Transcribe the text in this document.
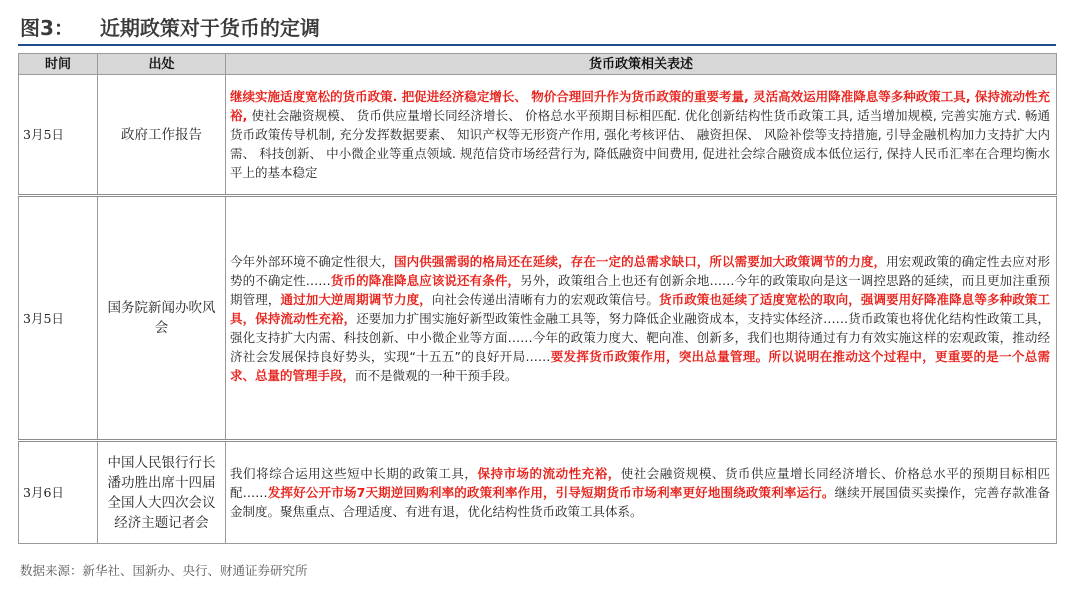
图3： 近期政策对于货币的定调
时间	出处	货币政策相关表述
3月5日	政府工作报告	继续实施适度宽松的货币政策. 把促进经济稳定增长、 物价合理回升作为货币政策的重要考量, 灵活高效运用降准降息等多种政策工具, 保持流动性充裕, 使社会融资规模、 货币供应量增长同经济增长、 价格总水平预期目标相匹配. 优化创新结构性货币政策工具, 适当增加规模, 完善实施方式. 畅通货币政策传导机制, 充分发挥数据要素、 知识产权等无形资产作用, 强化考核评估、 融资担保、 风险补偿等支持措施, 引导金融机构加力支持扩大内需、 科技创新、 中小微企业等重点领域. 规范信贷市场经营行为, 降低融资中间费用, 促进社会综合融资成本低位运行, 保持人民币汇率在合理均衡水平上的基本稳定
3月5日	国务院新闻办吹风会	今年外部环境不确定性很大，国内供强需弱的格局还在延续，存在一定的总需求缺口，所以需要加大政策调节的力度，用宏观政策的确定性去应对形势的不确定性……货币的降准降息应该说还有条件，另外，政策组合上也还有创新余地……今年的政策取向是这一调控思路的延续，而且更加注重预期管理，通过加大逆周期调节力度，向社会传递出清晰有力的宏观政策信号。货币政策也延续了适度宽松的取向，强调要用好降准降息等多种政策工具，保持流动性充裕，还要加力扩围实施好新型政策性金融工具等，努力降低企业融资成本，支持实体经济……货币政策也将优化结构性政策工具，强化支持扩大内需、科技创新、中小微企业等方面……今年的政策力度大、靶向准、创新多，我们也期待通过有力有效实施这样的宏观政策，推动经济社会发展保持良好势头，实现“十五五”的良好开局……要发挥货币政策作用，突出总量管理。所以说明在推动这个过程中，更重要的是一个总需求、总量的管理手段，而不是微观的一种干预手段。
3月6日	中国人民银行行长潘功胜出席十四届全国人大四次会议经济主题记者会	我们将综合运用这些短中长期的政策工具，保持市场的流动性充裕，使社会融资规模、货币供应量增长同经济增长、价格总水平的预期目标相匹配……发挥好公开市场7天期逆回购利率的政策利率作用，引导短期货币市场利率更好地围绕政策利率运行。继续开展国债买卖操作，完善存款准备金制度。聚焦重点、合理适度、有进有退，优化结构性货币政策工具体系。
数据来源：新华社、国新办、央行、财通证券研究所
